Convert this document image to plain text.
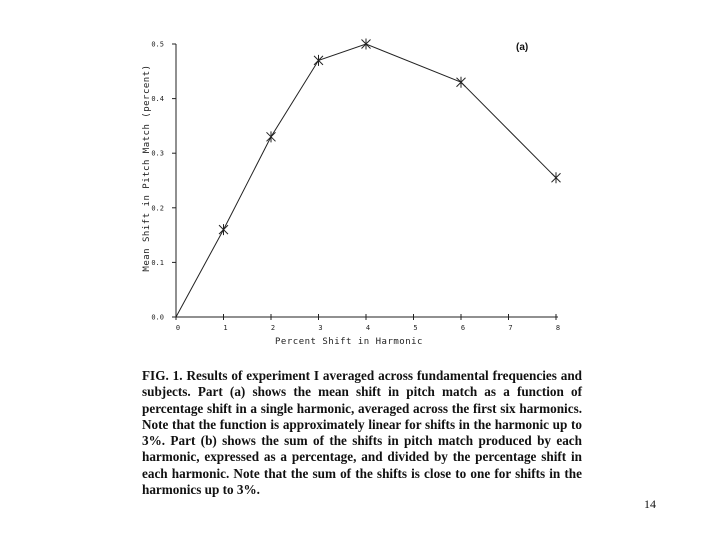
0	1	2	3	4	5	6	7	8
0.0
0.1
0.2
0.3
0.4
0.5	(a)
Percent Shift in Harmonic
Mean Shift in Pitch Match (percent)

FIG. 1. Results of experiment I averaged across fundamental frequencies and subjects. Part (a) shows the mean shift in pitch match as a function of percentage shift in a single harmonic, averaged across the first six harmonics. Note that the function is approximately linear for shifts in the harmonic up to 3%. Part (b) shows the sum of the shifts in pitch match produced by each harmonic, expressed as a percentage, and divided by the percentage shift in each harmonic. Note that the sum of the shifts is close to one for shifts in the harmonics up to 3%.

14
